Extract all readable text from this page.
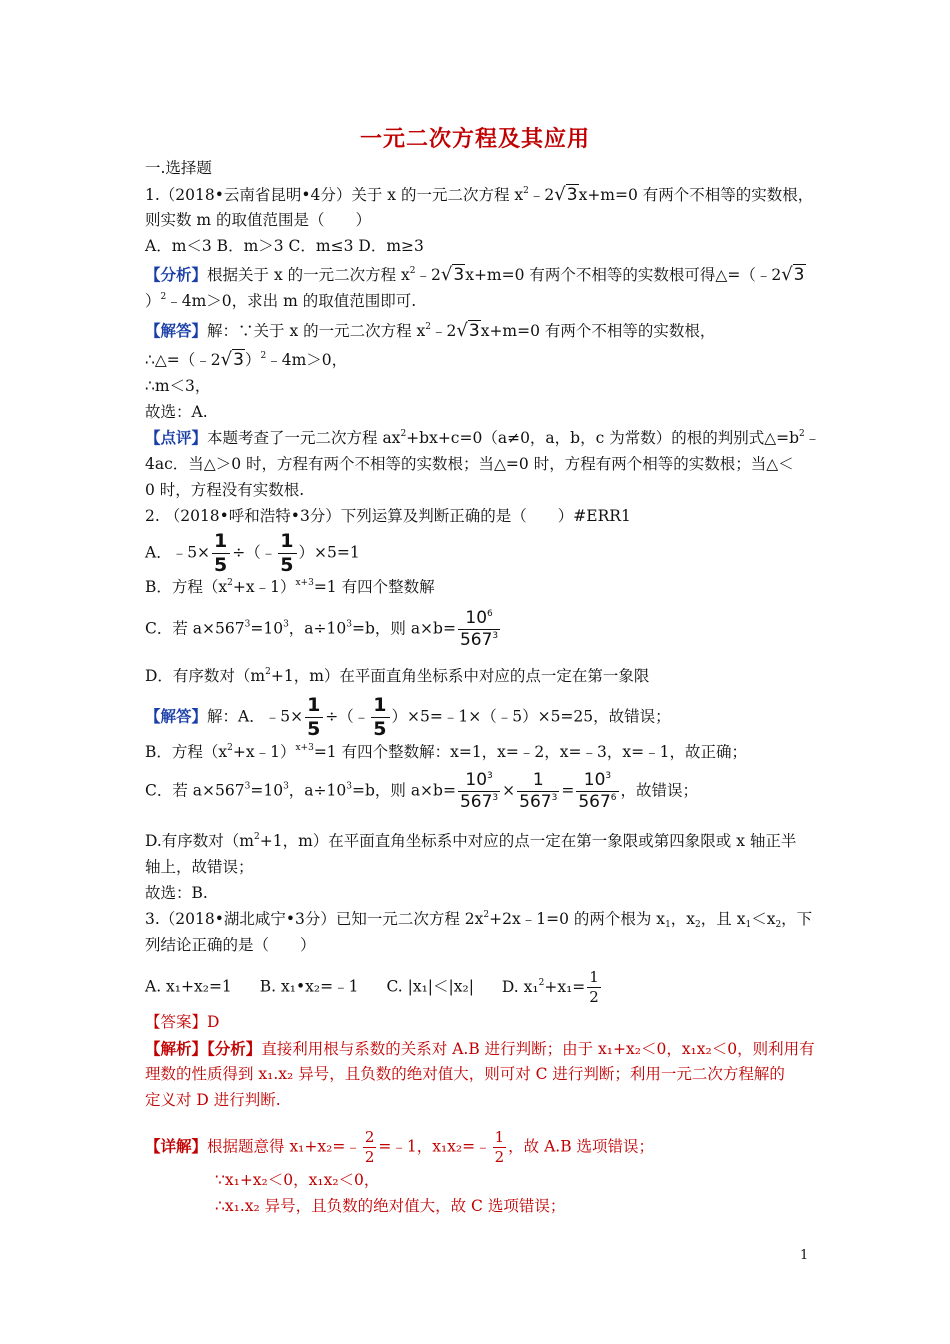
一元二次方程及其应用
一.选择题
1.（2018•云南省昆明•4分）关于 x 的一元二次方程 $x^2﹣2√3x+m=0$ 有两个不相等的实数根，
则实数 m 的取值范围是（　　）
A．m＜3 B．m＞3 C．m≤3 D．m≥3
【分析】根据关于 x 的一元二次方程 $x^2﹣2√3x+m=0$ 有两个不相等的实数根可得△=（﹣2√3
）$^2$﹣4m＞0，求出 m 的取值范围即可.
【解答】解：∵关于 x 的一元二次方程 $x^2﹣2√3x+m=0$ 有两个不相等的实数根，
∴△=（﹣2√3）$^2$﹣4m＞0，
∴m＜3，
故选：A.
【点评】本题考查了一元二次方程 $ax^2+bx+c=0(a\ne 0$，a，b，c 为常数）的根的判别式$\triangle=b^2﹣$
4ac．当△＞0 时，方程有两个不相等的实数根；当△=0 时，方程有两个相等的实数根；当△＜
0 时，方程没有实数根.
2. （2018•呼和浩特•3分）下列运算及判断正确的是（　　）#ERR1
A．﹣5× $\frac{1}{5}$ ÷（﹣ $\frac{1}{5} )\times 5=1$
B．方程$(x^2+x﹣1)^{x+3}=1$ 有四个整数解
C．若 $a\times 567^3=10^3$，$a\div 10^3=b$，则 $a\times b= \frac{10^6}{567^3}$
D．有序数对（$m^2+1$，m）在平面直角坐标系中对应的点一定在第一象限
【解答】解：A．﹣5× $\frac{1}{5}$ ÷（﹣ $\frac{1}{5}$ ）×5=﹣1×（﹣5）×5=25，故错误；
B．方程$(x^2+x﹣1)^{x+3}=1$ 有四个整数解：x=1，x=﹣2，x=﹣3，x=﹣1，故正确；
C．若 $a\times 567^3=10^3$，$a\div 10^3=b$，则 $a\times b= \frac{10^3}{567^3} \times \frac{1}{567^3} = \frac{10^3}{567^6}$ ，故错误；
D.有序数对（$m^2+1$，m）在平面直角坐标系中对应的点一定在第一象限或第四象限或 x 轴正半
轴上，故错误；
故选：B.
3.（2018•湖北咸宁•3分）已知一元二次方程 $2x^2+2x﹣1=0$ 的两个根为 $x_1$，$x_2$，且 $x_1<x_2$，下
列结论正确的是（　　）
A. x₁+x₂=1 B. x₁•x₂=﹣1 C. |x₁|＜|x₂| D. $x_1^2+x_1= \frac{1}{2}$
【答案】D
【解析】【分析】直接利用根与系数的关系对 A.B 进行判断；由于 x₁+x₂＜0，x₁x₂＜0，则利用有
理数的性质得到 x₁.x₂ 异号，且负数的绝对值大，则可对 C 进行判断；利用一元二次方程解的
定义对 D 进行判断.
【详解】根据题意得 x₁+x₂=﹣ $\frac{2}{2}$ =﹣1，x₁x₂=﹣ $\frac{1}{2}$ ，故 A.B 选项错误；
∵x₁+x₂＜0，x₁x₂＜0，
∴x₁.x₂ 异号，且负数的绝对值大，故 C 选项错误；
1
